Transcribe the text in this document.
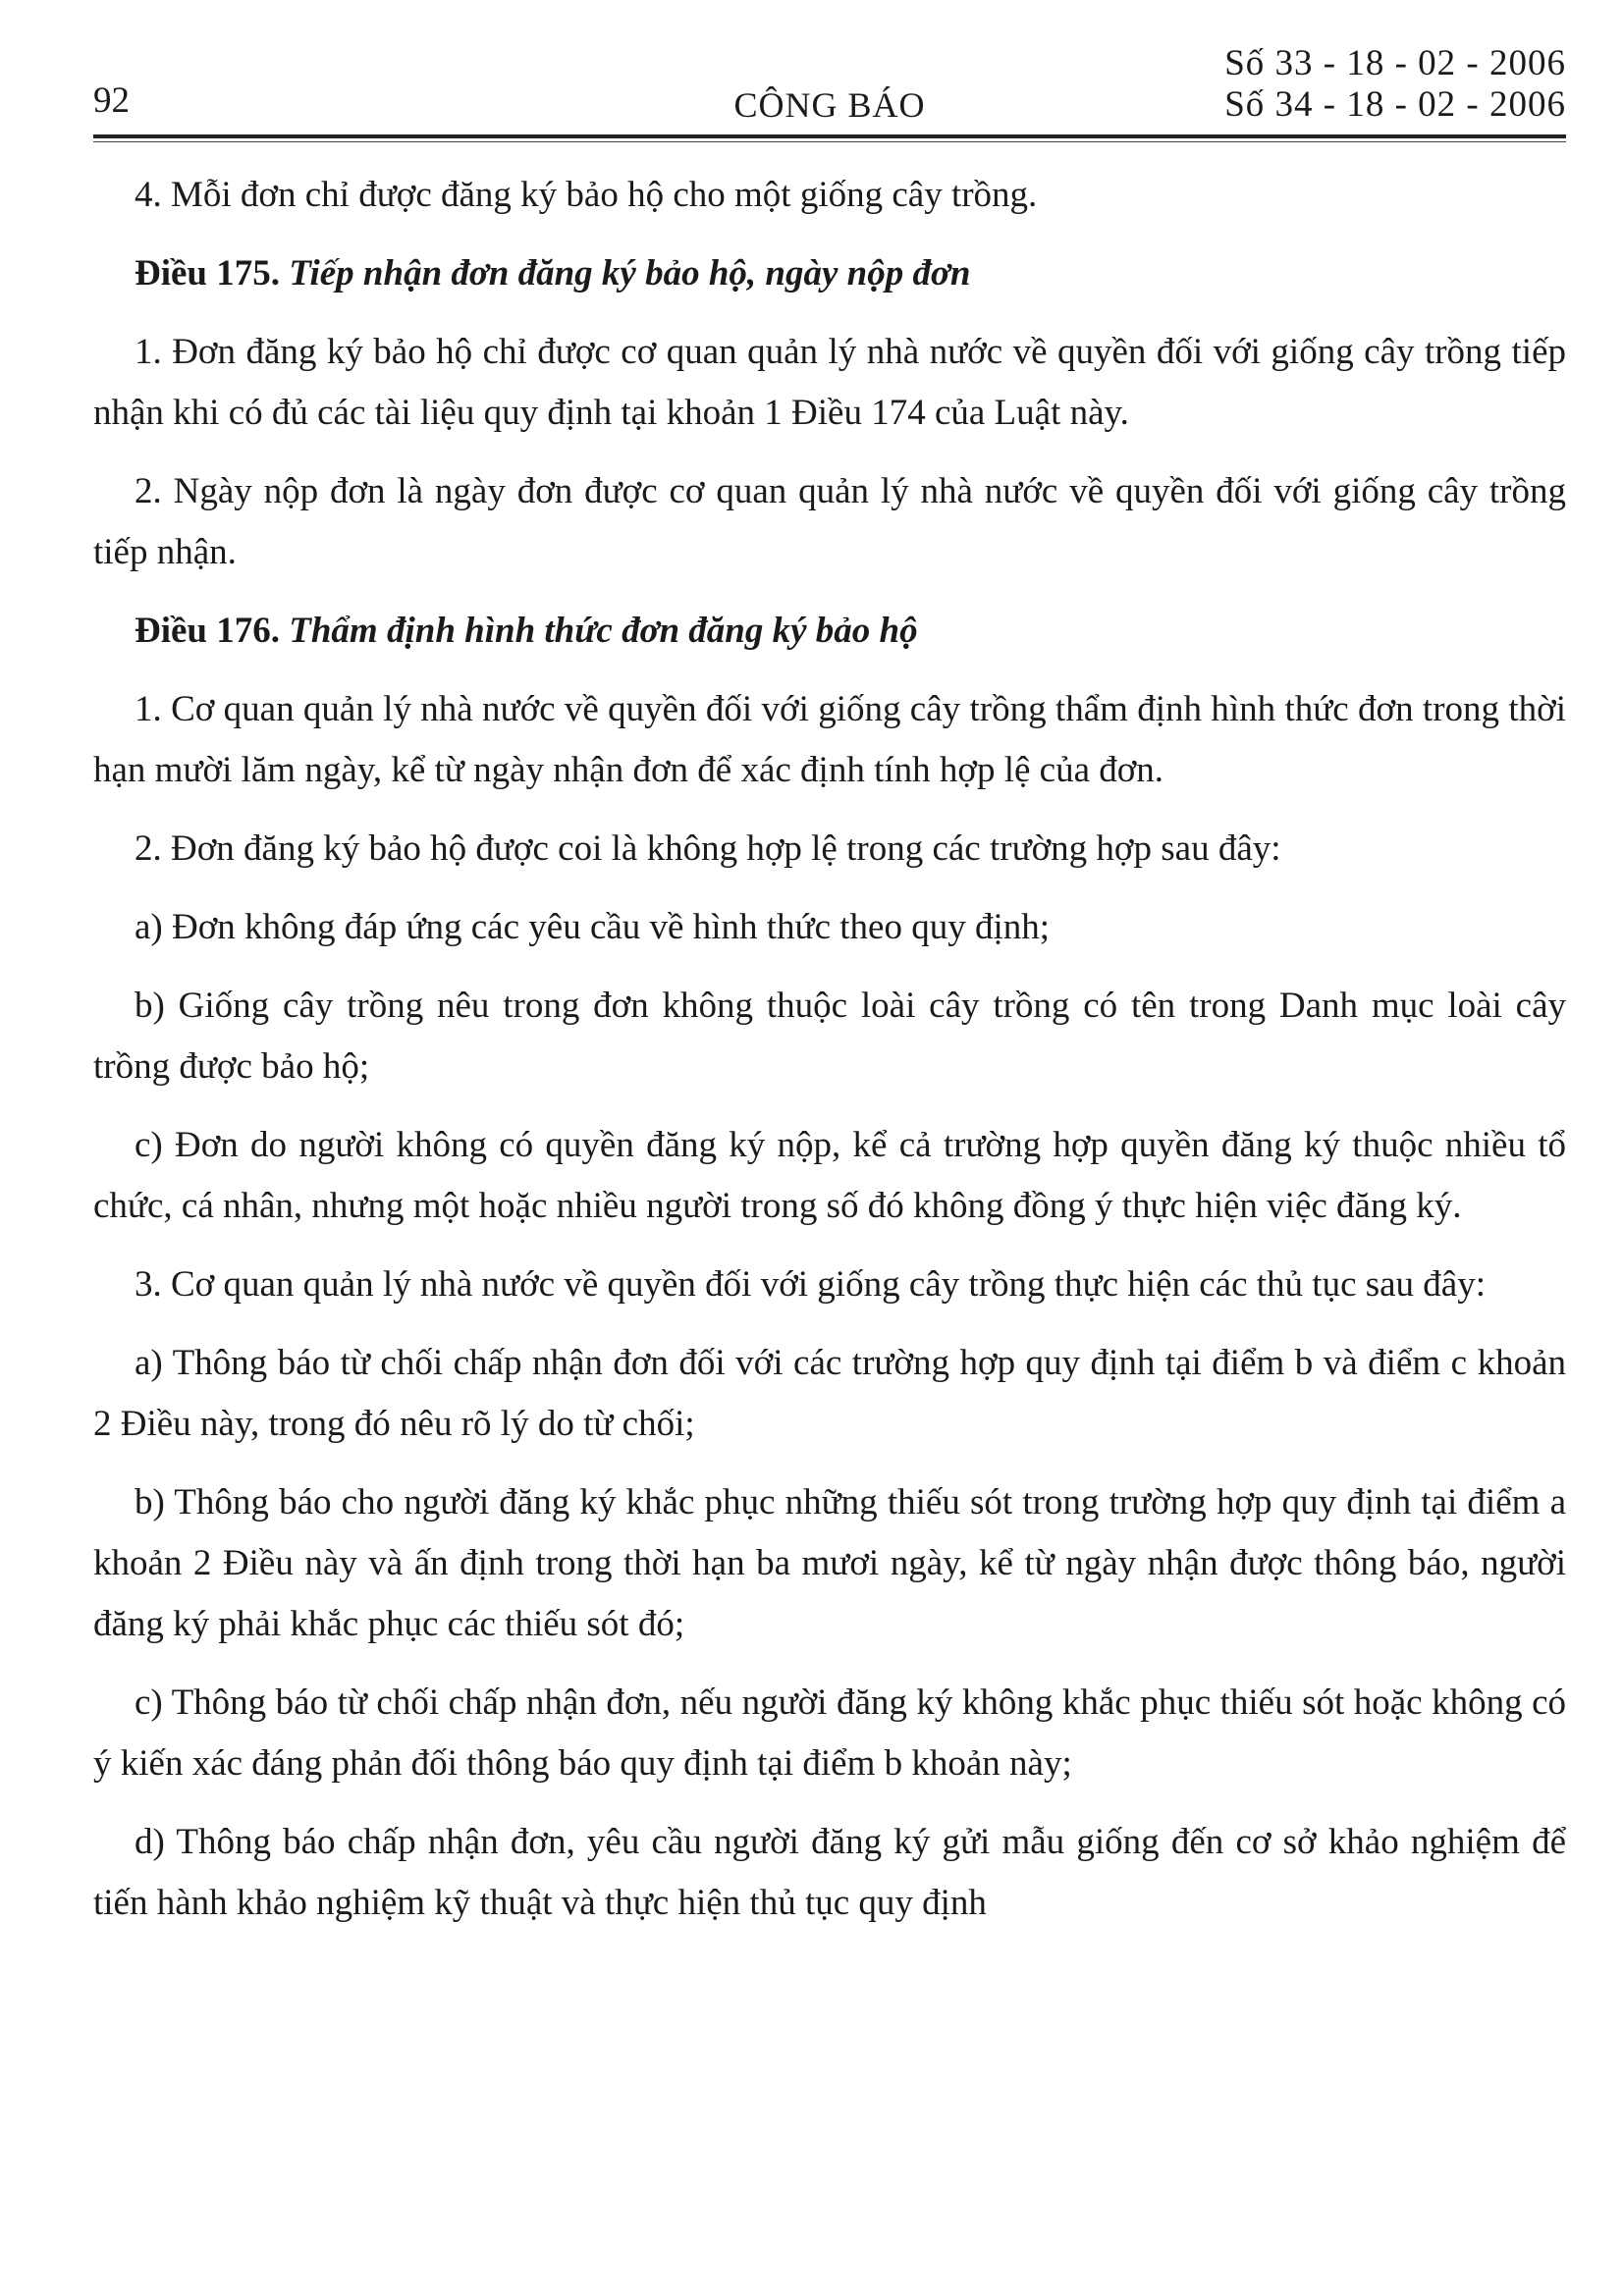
92	CÔNG BÁO
Số 33 - 18 - 02 - 2006
Số 34 - 18 - 02 - 2006

4. Mỗi đơn chỉ được đăng ký bảo hộ cho một giống cây trồng.

Điều 175. Tiếp nhận đơn đăng ký bảo hộ, ngày nộp đơn

1. Đơn đăng ký bảo hộ chỉ được cơ quan quản lý nhà nước về quyền đối với giống cây trồng tiếp nhận khi có đủ các tài liệu quy định tại khoản 1 Điều 174 của Luật này.

2. Ngày nộp đơn là ngày đơn được cơ quan quản lý nhà nước về quyền đối với giống cây trồng tiếp nhận.

Điều 176. Thẩm định hình thức đơn đăng ký bảo hộ

1. Cơ quan quản lý nhà nước về quyền đối với giống cây trồng thẩm định hình thức đơn trong thời hạn mười lăm ngày, kể từ ngày nhận đơn để xác định tính hợp lệ của đơn.

2. Đơn đăng ký bảo hộ được coi là không hợp lệ trong các trường hợp sau đây:

a) Đơn không đáp ứng các yêu cầu về hình thức theo quy định;

b) Giống cây trồng nêu trong đơn không thuộc loài cây trồng có tên trong Danh mục loài cây trồng được bảo hộ;

c) Đơn do người không có quyền đăng ký nộp, kể cả trường hợp quyền đăng ký thuộc nhiều tổ chức, cá nhân, nhưng một hoặc nhiều người trong số đó không đồng ý thực hiện việc đăng ký.

3. Cơ quan quản lý nhà nước về quyền đối với giống cây trồng thực hiện các thủ tục sau đây:

a) Thông báo từ chối chấp nhận đơn đối với các trường hợp quy định tại điểm b và điểm c khoản 2 Điều này, trong đó nêu rõ lý do từ chối;

b) Thông báo cho người đăng ký khắc phục những thiếu sót trong trường hợp quy định tại điểm a khoản 2 Điều này và ấn định trong thời hạn ba mươi ngày, kể từ ngày nhận được thông báo, người đăng ký phải khắc phục các thiếu sót đó;

c) Thông báo từ chối chấp nhận đơn, nếu người đăng ký không khắc phục thiếu sót hoặc không có ý kiến xác đáng phản đối thông báo quy định tại điểm b khoản này;

d) Thông báo chấp nhận đơn, yêu cầu người đăng ký gửi mẫu giống đến cơ sở khảo nghiệm để tiến hành khảo nghiệm kỹ thuật và thực hiện thủ tục quy định
